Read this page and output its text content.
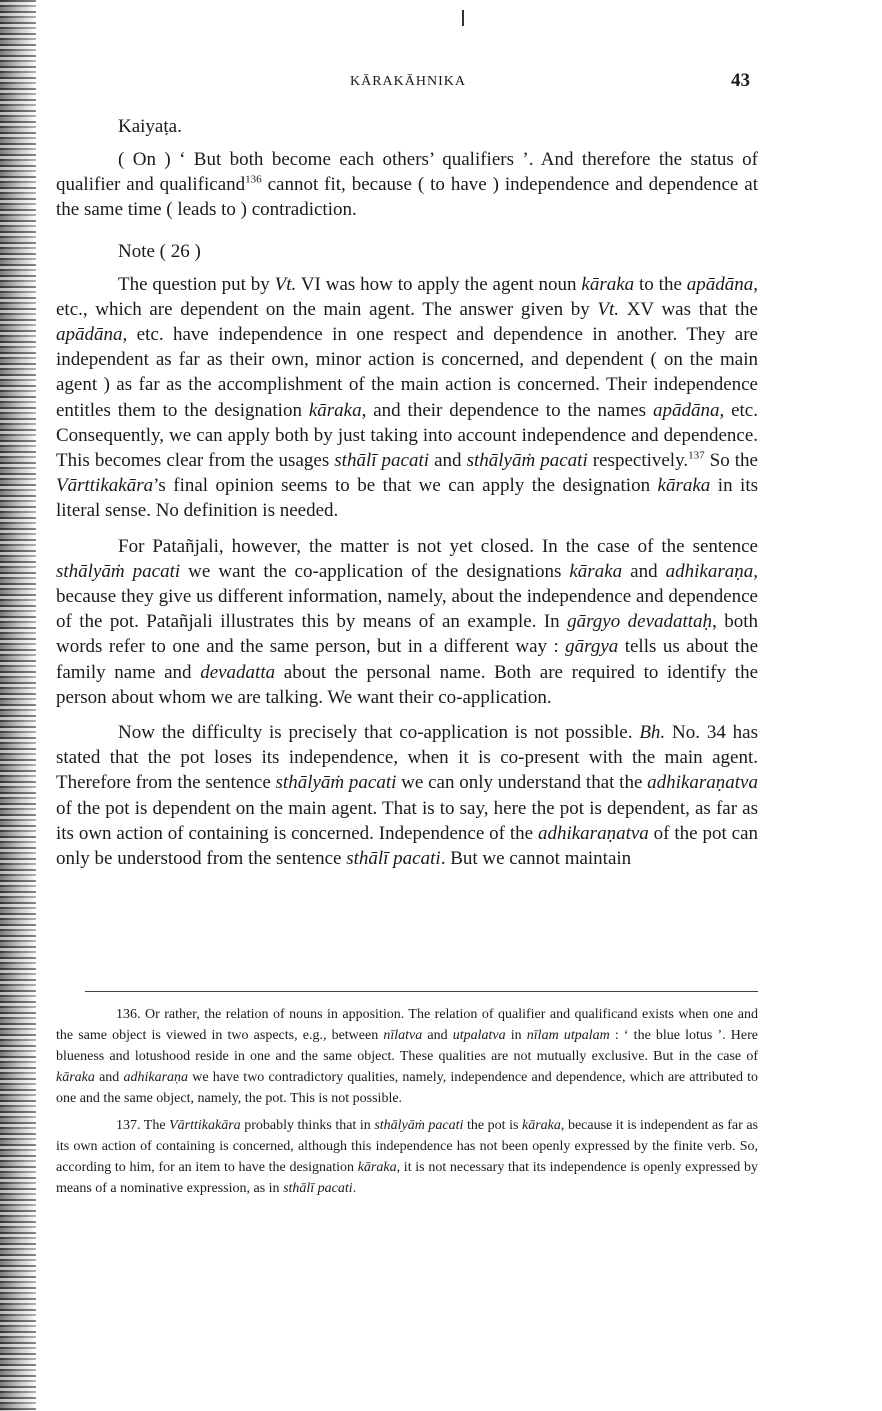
KĀRAKĀHNIKA	43

Kaiyaṭa.

( On ) ‘ But both become each others’ qualifiers ’. And therefore the status of qualifier and qualificand$^{136}$ cannot fit, because ( to have ) independence and dependence at the same time ( leads to ) contradiction.

Note ( 26 )

The question put by Vt. VI was how to apply the agent noun kāraka to the apādāna, etc., which are dependent on the main agent. The answer given by Vt. XV was that the apādāna, etc. have independence in one respect and dependence in another. They are independent as far as their own, minor action is concerned, and dependent ( on the main agent ) as far as the accomplishment of the main action is concerned. Their independence entitles them to the designation kāraka, and their dependence to the names apādāna, etc. Consequently, we can apply both by just taking into account independence and dependence. This becomes clear from the usages sthālī pacati and sthālyāṁ pacati respectively.$^{137}$ So the Vārttikakāra’s final opinion seems to be that we can apply the designation kāraka in its literal sense. No definition is needed.

For Patañjali, however, the matter is not yet closed. In the case of the sentence sthālyāṁ pacati we want the co-application of the designations kāraka and adhikaraṇa, because they give us different information, namely, about the independence and dependence of the pot. Patañjali illustrates this by means of an example. In gārgyo devadattaḥ, both words refer to one and the same person, but in a different way : gārgya tells us about the family name and devadatta about the personal name. Both are required to identify the person about whom we are talking. We want their co-application.

Now the difficulty is precisely that co-application is not possible. Bh. No. 34 has stated that the pot loses its independence, when it is co-present with the main agent. Therefore from the sentence sthālyāṁ pacati we can only understand that the adhikaraṇatva of the pot is dependent on the main agent. That is to say, here the pot is dependent, as far as its own action of containing is concerned. Independence of the adhikaraṇatva of the pot can only be understood from the sentence sthālī pacati. But we cannot maintain

136. Or rather, the relation of nouns in apposition. The relation of qualifier and qualificand exists when one and the same object is viewed in two aspects, e.g., between nīlatva and utpalatva in nīlam utpalam : ‘ the blue lotus ’. Here blueness and lotushood reside in one and the same object. These qualities are not mutually exclusive. But in the case of kāraka and adhikaraṇa we have two contradictory qualities, namely, independence and dependence, which are attributed to one and the same object, namely, the pot. This is not possible.

137. The Vārttikakāra probably thinks that in sthālyāṁ pacati the pot is kāraka, because it is independent as far as its own action of containing is concerned, although this independence has not been openly expressed by the finite verb. So, according to him, for an item to have the designation kāraka, it is not necessary that its independence is openly expressed by means of a nominative expression, as in sthālī pacati.
